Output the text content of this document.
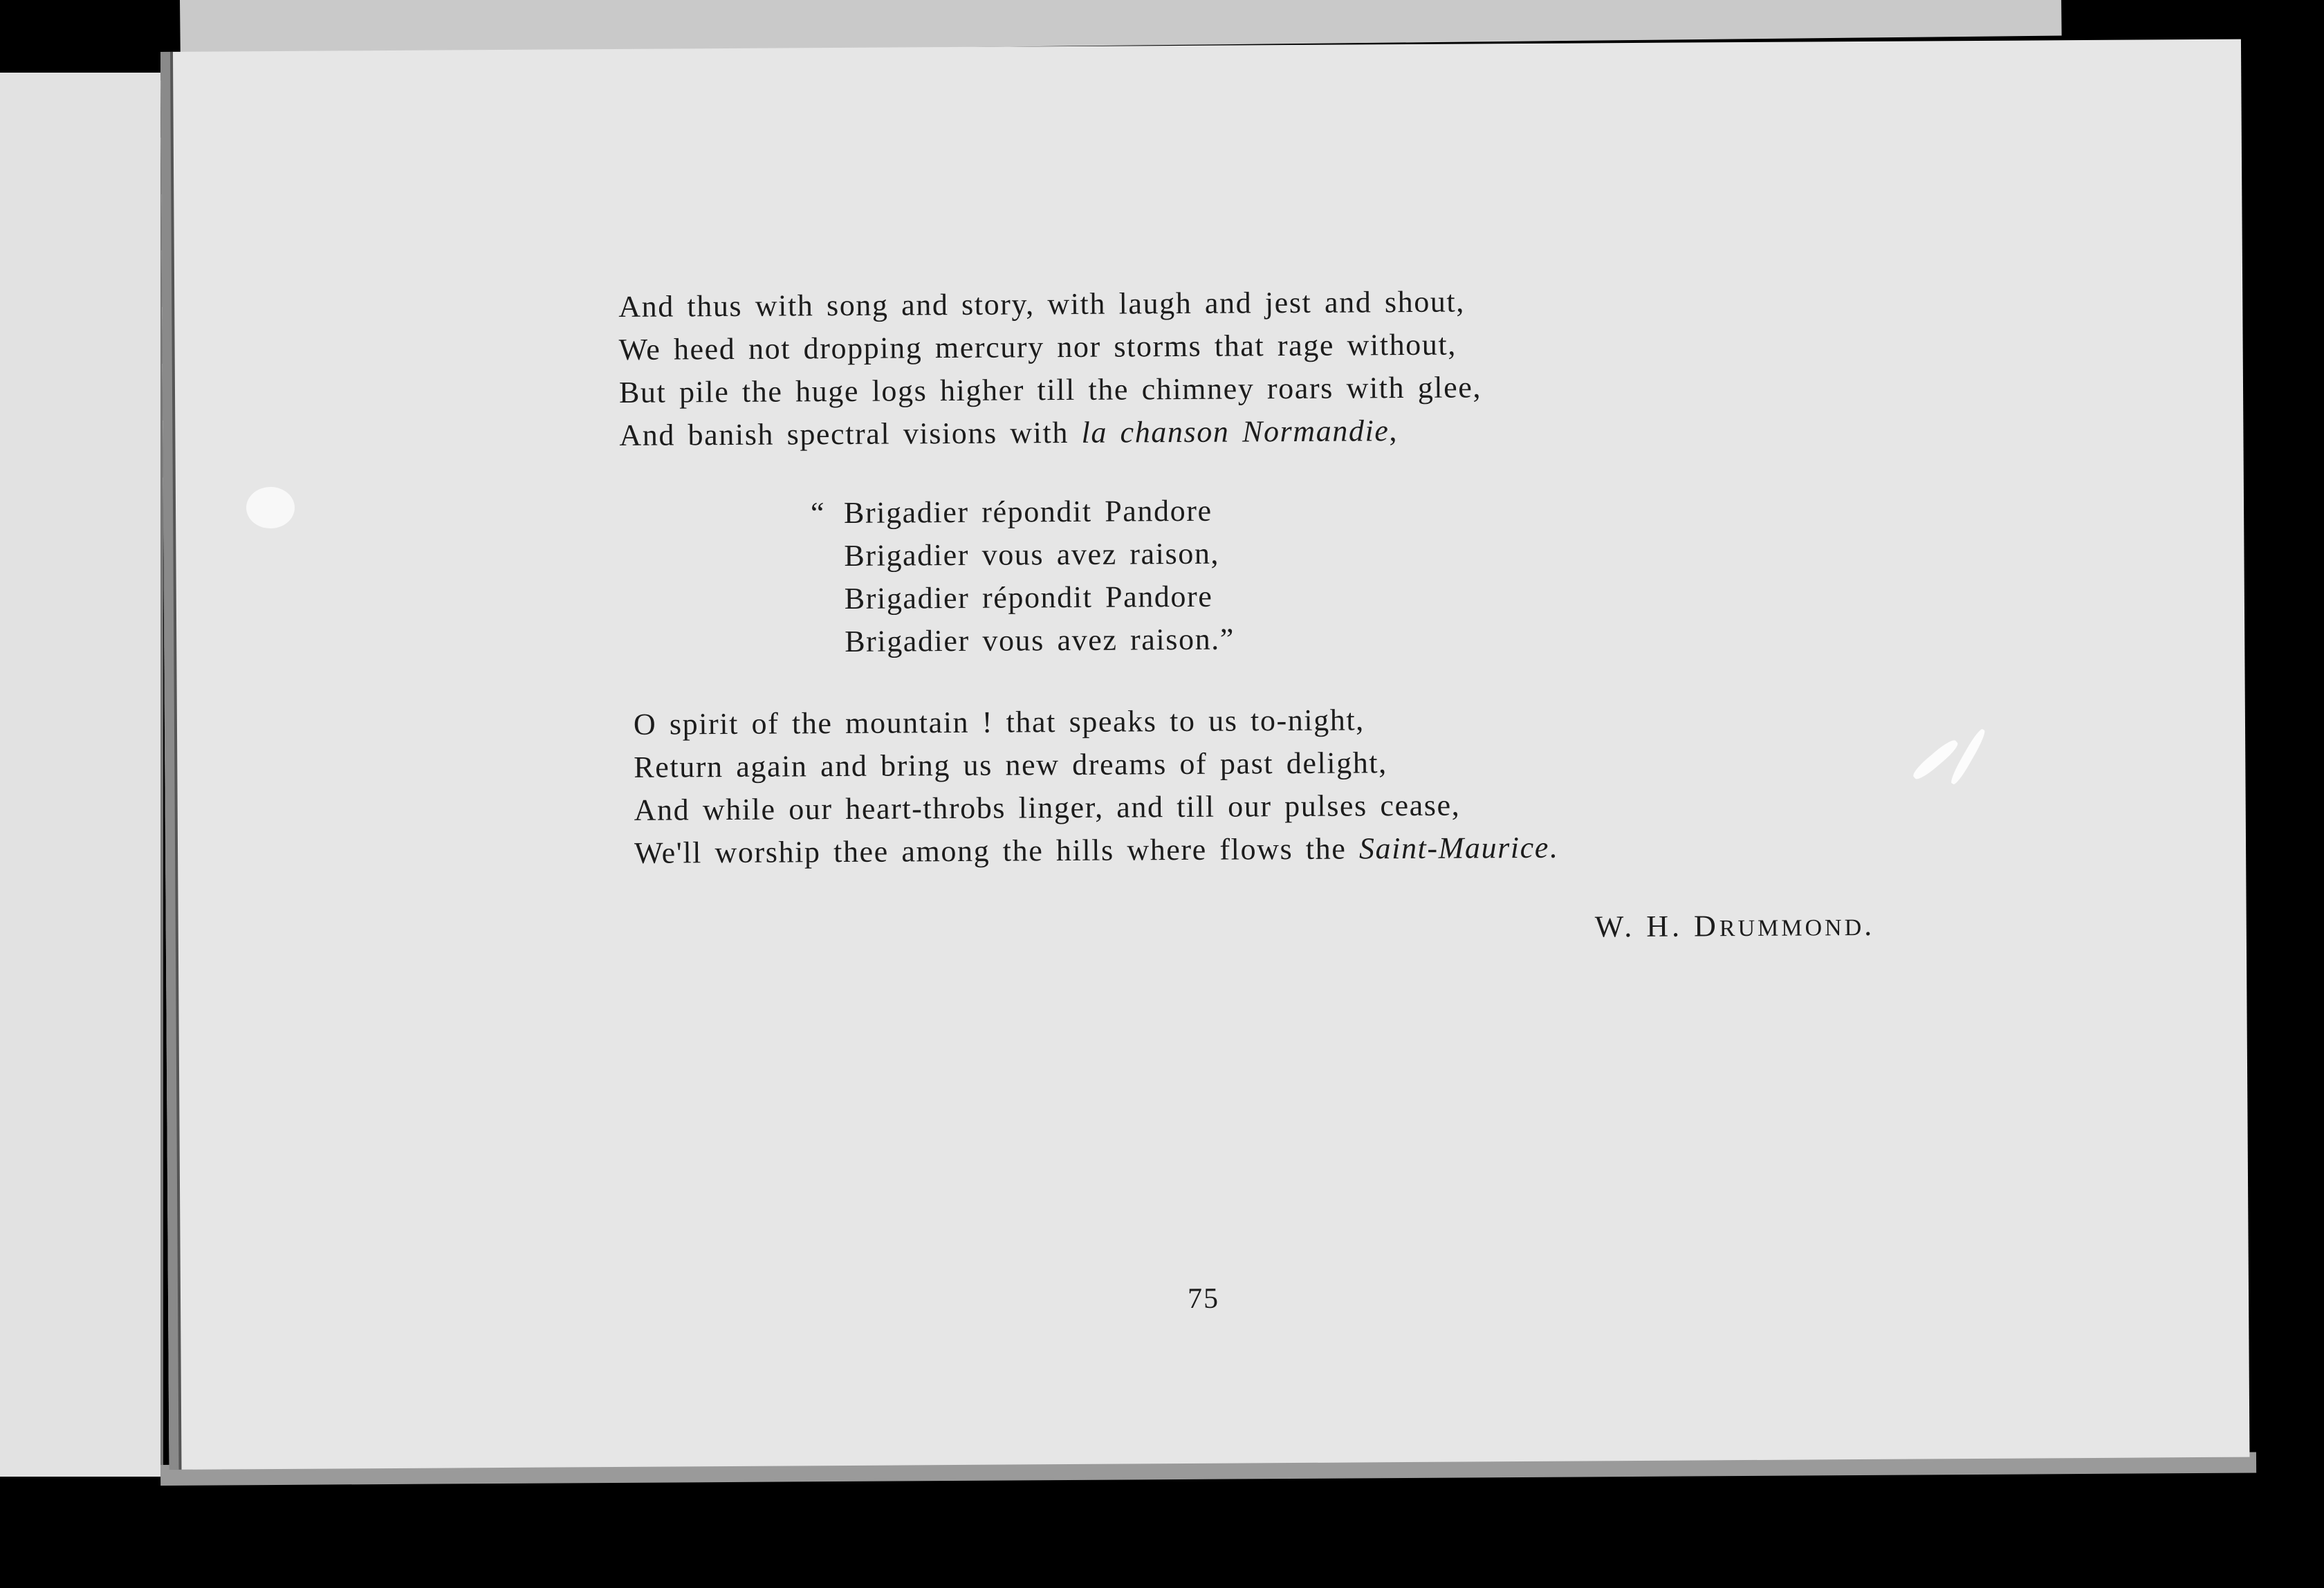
And thus with song and story, with laugh and jest and shout,
We heed not dropping mercury nor storms that rage without,
But pile the huge logs higher till the chimney roars with glee,
And banish spectral visions with la chanson Normandie,
“ Brigadier répondit Pandore
Brigadier vous avez raison,
Brigadier répondit Pandore
Brigadier vous avez raison.”
O spirit of the mountain ! that speaks to us to-night,
Return again and bring us new dreams of past delight,
And while our heart-throbs linger, and till our pulses cease,
We'll worship thee among the hills where flows the Saint-Maurice.
W. H. DRUMMOND.
75
